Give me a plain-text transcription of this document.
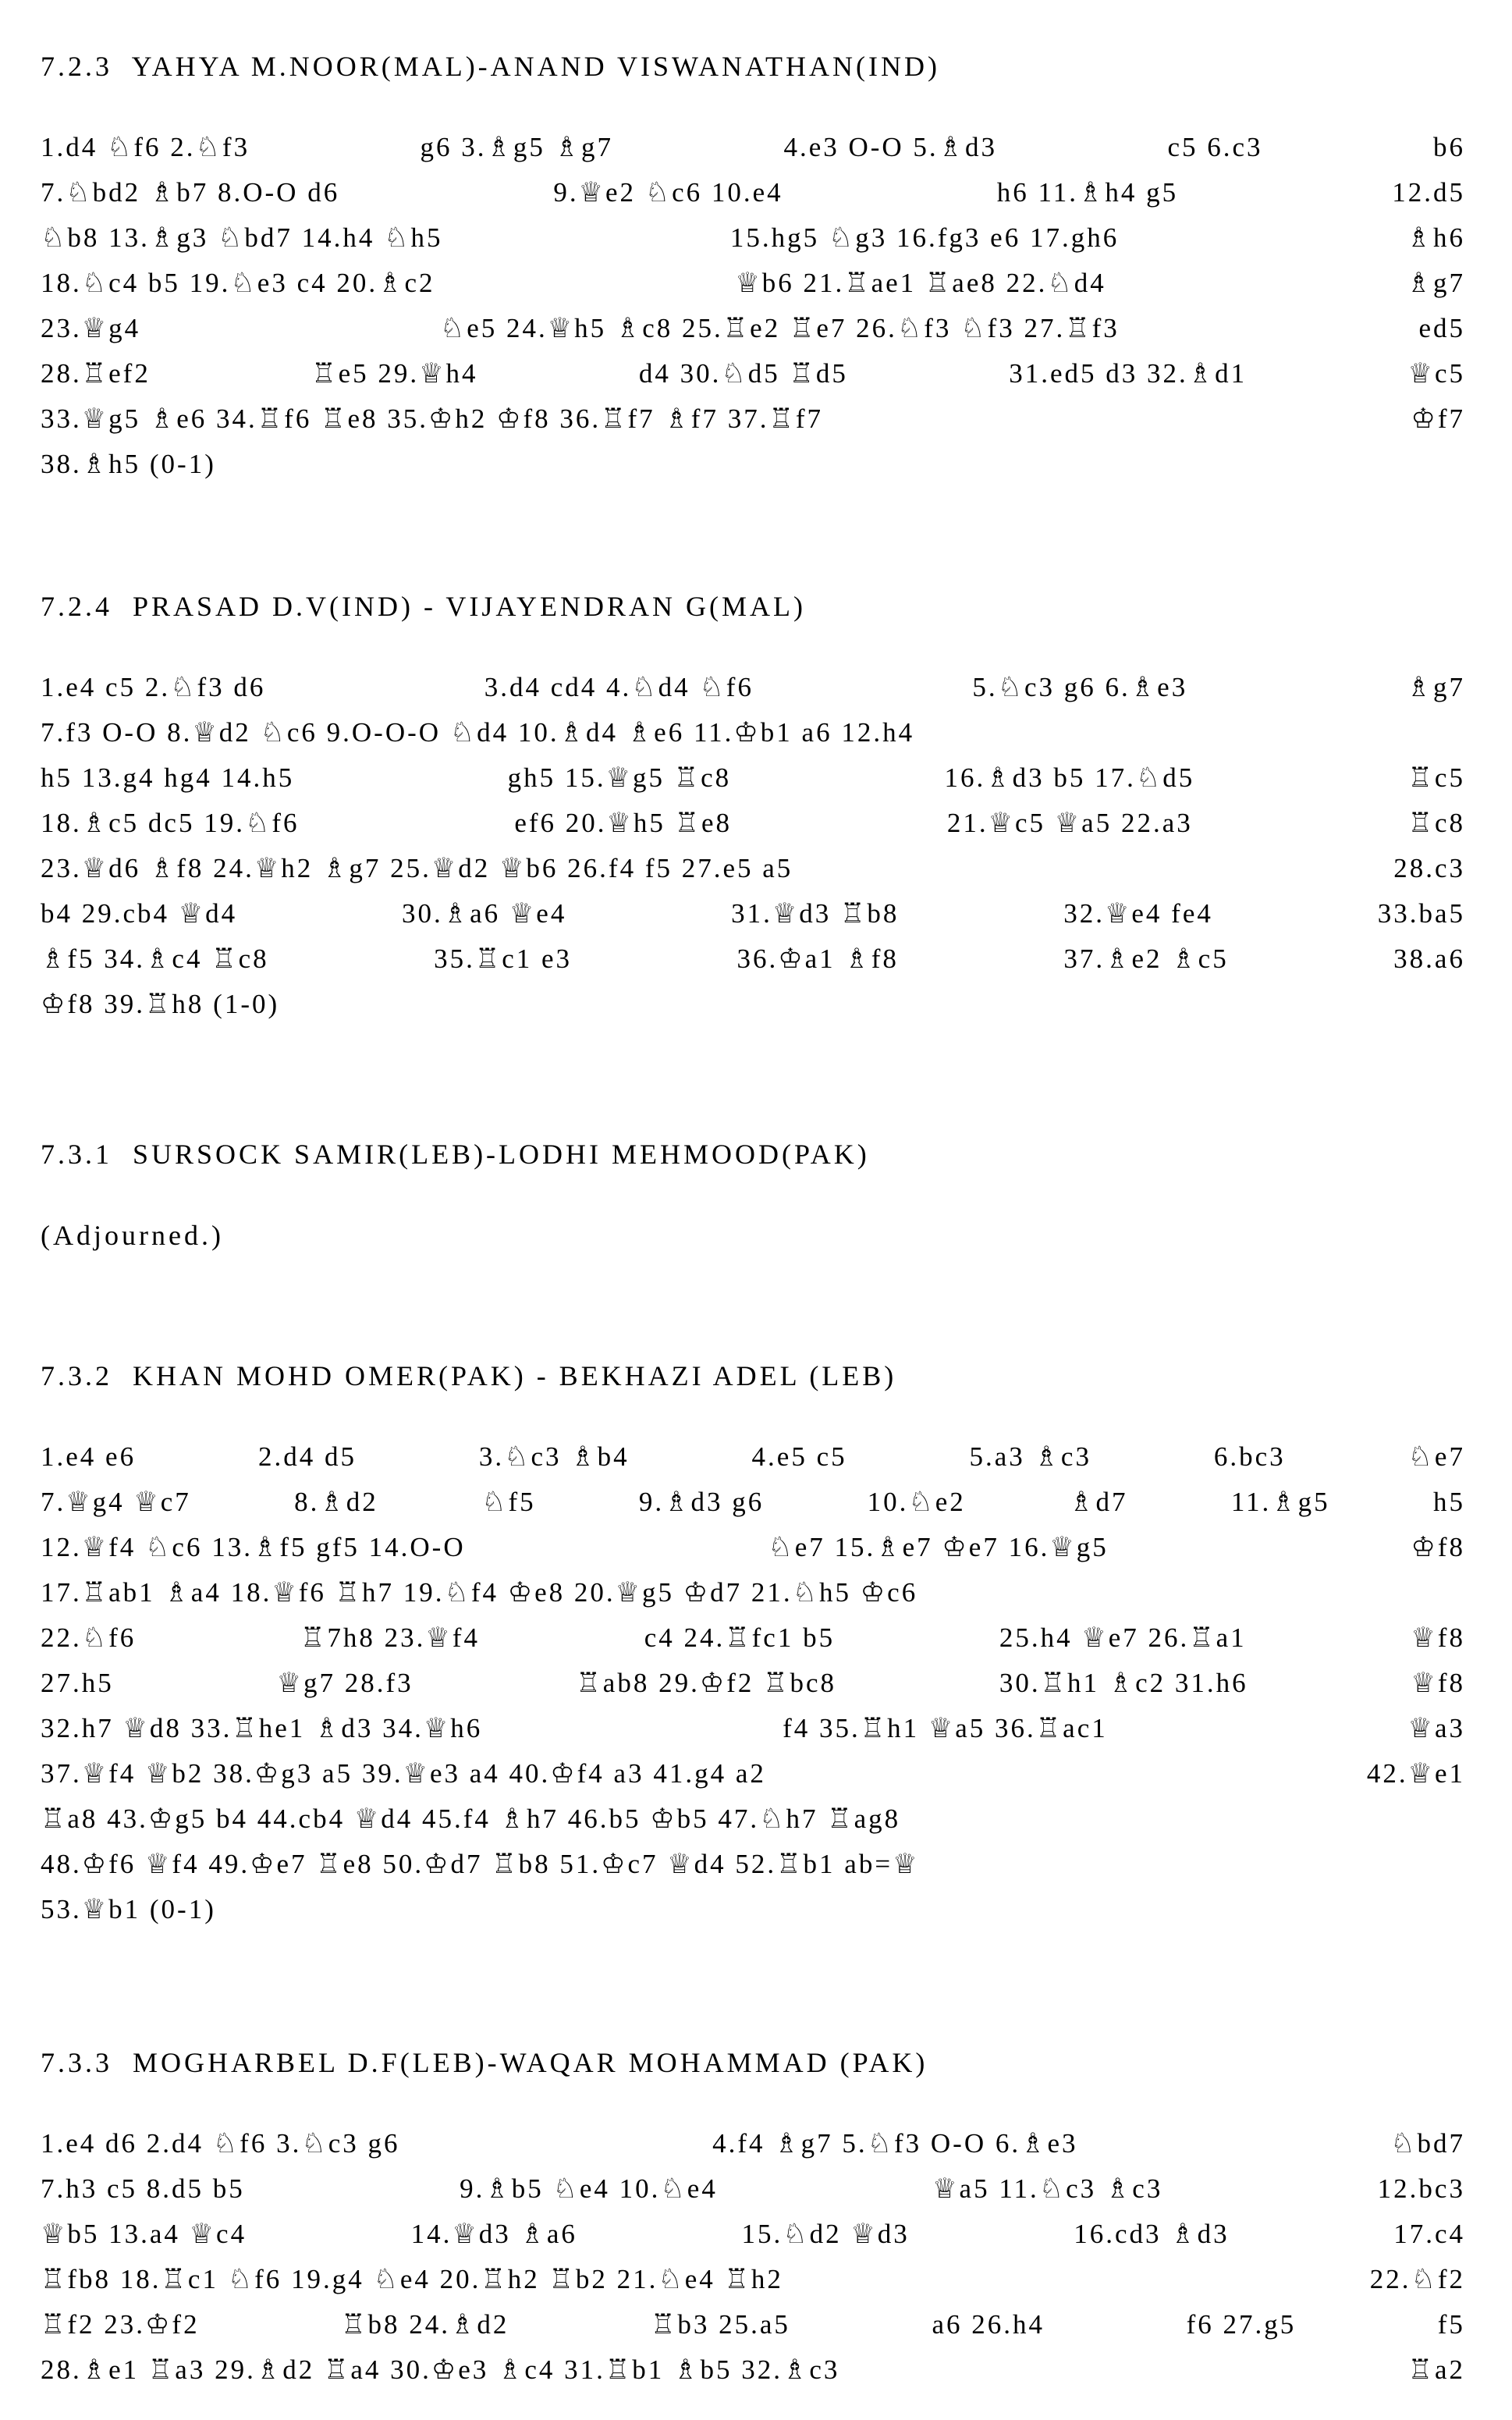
7.2.3  YAHYA M.NOOR(MAL)-ANAND VISWANATHAN(IND)
1.d4 ♘f6 2.♘f3	g6 3.♗g5 ♗g7	4.e3 O-O 5.♗d3	c5 6.c3	b6
7.♘bd2 ♗b7 8.O-O d6	9.♕e2 ♘c6 10.e4	h6 11.♗h4 g5	12.d5
♘b8 13.♗g3 ♘bd7 14.h4 ♘h5	15.hg5 ♘g3 16.fg3 e6 17.gh6	♗h6
18.♘c4 b5 19.♘e3 c4 20.♗c2	♕b6 21.♖ae1 ♖ae8 22.♘d4	♗g7
23.♕g4	♘e5 24.♕h5 ♗c8 25.♖e2 ♖e7 26.♘f3 ♘f3 27.♖f3	ed5
28.♖ef2	♖e5 29.♕h4	d4 30.♘d5 ♖d5	31.ed5 d3 32.♗d1	♕c5
33.♕g5 ♗e6 34.♖f6 ♖e8 35.♔h2 ♔f8 36.♖f7 ♗f7 37.♖f7	♔f7
38.♗h5 (0-1)
7.2.4  PRASAD D.V(IND) - VIJAYENDRAN G(MAL)
1.e4 c5 2.♘f3 d6	3.d4 cd4 4.♘d4 ♘f6	5.♘c3 g6 6.♗e3	♗g7
7.f3 O-O 8.♕d2 ♘c6 9.O-O-O ♘d4 10.♗d4 ♗e6 11.♔b1 a6 12.h4
h5 13.g4 hg4 14.h5	gh5 15.♕g5 ♖c8	16.♗d3 b5 17.♘d5	♖c5
18.♗c5 dc5 19.♘f6	ef6 20.♕h5 ♖e8	21.♕c5 ♕a5 22.a3	♖c8
23.♕d6 ♗f8 24.♕h2 ♗g7 25.♕d2 ♕b6 26.f4 f5 27.e5 a5	28.c3
b4 29.cb4 ♕d4	30.♗a6 ♕e4	31.♕d3 ♖b8	32.♕e4 fe4	33.ba5
♗f5 34.♗c4 ♖c8	35.♖c1 e3	36.♔a1 ♗f8	37.♗e2 ♗c5	38.a6
♔f8 39.♖h8 (1-0)
7.3.1  SURSOCK SAMIR(LEB)-LODHI MEHMOOD(PAK)
(Adjourned.)
7.3.2  KHAN MOHD OMER(PAK) - BEKHAZI ADEL (LEB)
1.e4 e6	2.d4 d5	3.♘c3 ♗b4	4.e5 c5	5.a3 ♗c3	6.bc3	♘e7
7.♕g4 ♕c7	8.♗d2	♘f5	9.♗d3 g6	10.♘e2	♗d7	11.♗g5	h5
12.♕f4 ♘c6 13.♗f5 gf5 14.O-O	♘e7 15.♗e7 ♔e7 16.♕g5	♔f8
17.♖ab1 ♗a4 18.♕f6 ♖h7 19.♘f4 ♔e8 20.♕g5 ♔d7 21.♘h5 ♔c6
22.♘f6	♖7h8 23.♕f4	c4 24.♖fc1 b5	25.h4 ♕e7 26.♖a1	♕f8
27.h5	♕g7 28.f3	♖ab8 29.♔f2 ♖bc8	30.♖h1 ♗c2 31.h6	♕f8
32.h7 ♕d8 33.♖he1 ♗d3 34.♕h6	f4 35.♖h1 ♕a5 36.♖ac1	♕a3
37.♕f4 ♕b2 38.♔g3 a5 39.♕e3 a4 40.♔f4 a3 41.g4 a2	42.♕e1
♖a8 43.♔g5 b4 44.cb4 ♕d4 45.f4 ♗h7 46.b5 ♔b5 47.♘h7 ♖ag8
48.♔f6 ♕f4 49.♔e7 ♖e8 50.♔d7 ♖b8 51.♔c7 ♕d4 52.♖b1 ab=♕
53.♕b1 (0-1)
7.3.3  MOGHARBEL D.F(LEB)-WAQAR MOHAMMAD (PAK)
1.e4 d6 2.d4 ♘f6 3.♘c3 g6	4.f4 ♗g7 5.♘f3 O-O 6.♗e3	♘bd7
7.h3 c5 8.d5 b5	9.♗b5 ♘e4 10.♘e4	♕a5 11.♘c3 ♗c3	12.bc3
♕b5 13.a4 ♕c4	14.♕d3 ♗a6	15.♘d2 ♕d3	16.cd3 ♗d3	17.c4
♖fb8 18.♖c1 ♘f6 19.g4 ♘e4 20.♖h2 ♖b2 21.♘e4 ♖h2	22.♘f2
♖f2 23.♔f2	♖b8 24.♗d2	♖b3 25.a5	a6 26.h4	f6 27.g5	f5
28.♗e1 ♖a3 29.♗d2 ♖a4 30.♔e3 ♗c4 31.♖b1 ♗b5 32.♗c3	♖a2
